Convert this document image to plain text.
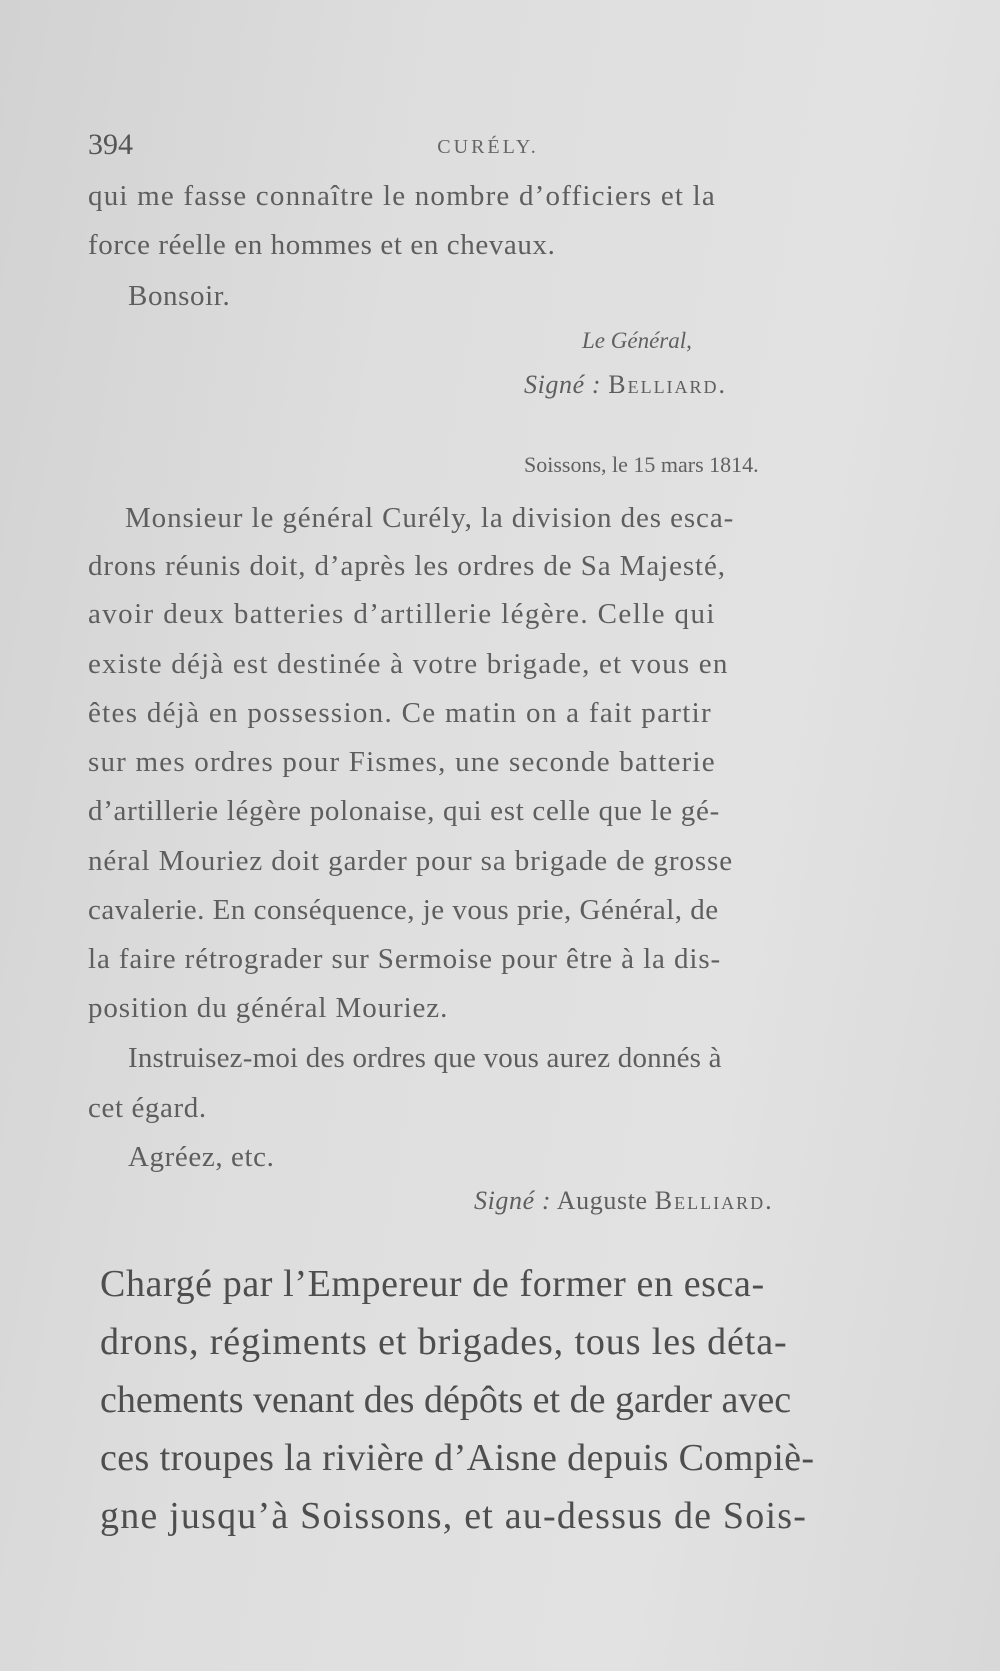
394	CURÉLY.
qui me fasse connaître le nombre d’officiers et la
force réelle en hommes et en chevaux.
Bonsoir.
Le Général,
Signé : Belliard.
Soissons, le 15 mars 1814.
Monsieur le général Curély, la division des esca-
drons réunis doit, d’après les ordres de Sa Majesté,
avoir deux batteries d’artillerie légère. Celle qui
existe déjà est destinée à votre brigade, et vous en
êtes déjà en possession. Ce matin on a fait partir
sur mes ordres pour Fismes, une seconde batterie
d’artillerie légère polonaise, qui est celle que le gé-
néral Mouriez doit garder pour sa brigade de grosse
cavalerie. En conséquence, je vous prie, Général, de
la faire rétrograder sur Sermoise pour être à la dis-
position du général Mouriez.
Instruisez-moi des ordres que vous aurez donnés à
cet égard.
Agréez, etc.
Signé : Auguste Belliard.
Chargé par l’Empereur de former en esca-
drons, régiments et brigades, tous les déta-
chements venant des dépôts et de garder avec
ces troupes la rivière d’Aisne depuis Compiè-
gne jusqu’à Soissons, et au-dessus de Sois-
